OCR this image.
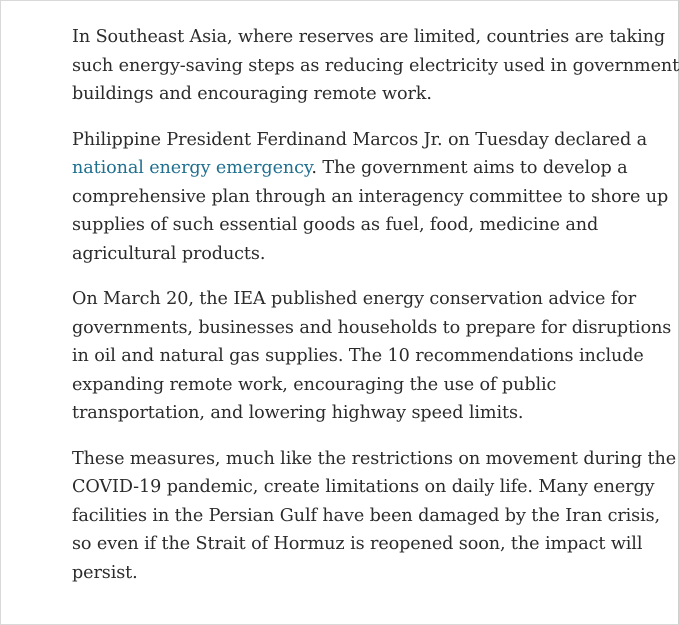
In Southeast Asia, where reserves are limited, countries are taking
such energy-saving steps as reducing electricity used in government
buildings and encouraging remote work.

Philippine President Ferdinand Marcos Jr. on Tuesday declared a
national energy emergency. The government aims to develop a
comprehensive plan through an interagency committee to shore up
supplies of such essential goods as fuel, food, medicine and
agricultural products.

On March 20, the IEA published energy conservation advice for
governments, businesses and households to prepare for disruptions
in oil and natural gas supplies. The 10 recommendations include
expanding remote work, encouraging the use of public
transportation, and lowering highway speed limits.

These measures, much like the restrictions on movement during the
COVID-19 pandemic, create limitations on daily life. Many energy
facilities in the Persian Gulf have been damaged by the Iran crisis,
so even if the Strait of Hormuz is reopened soon, the impact will
persist.
